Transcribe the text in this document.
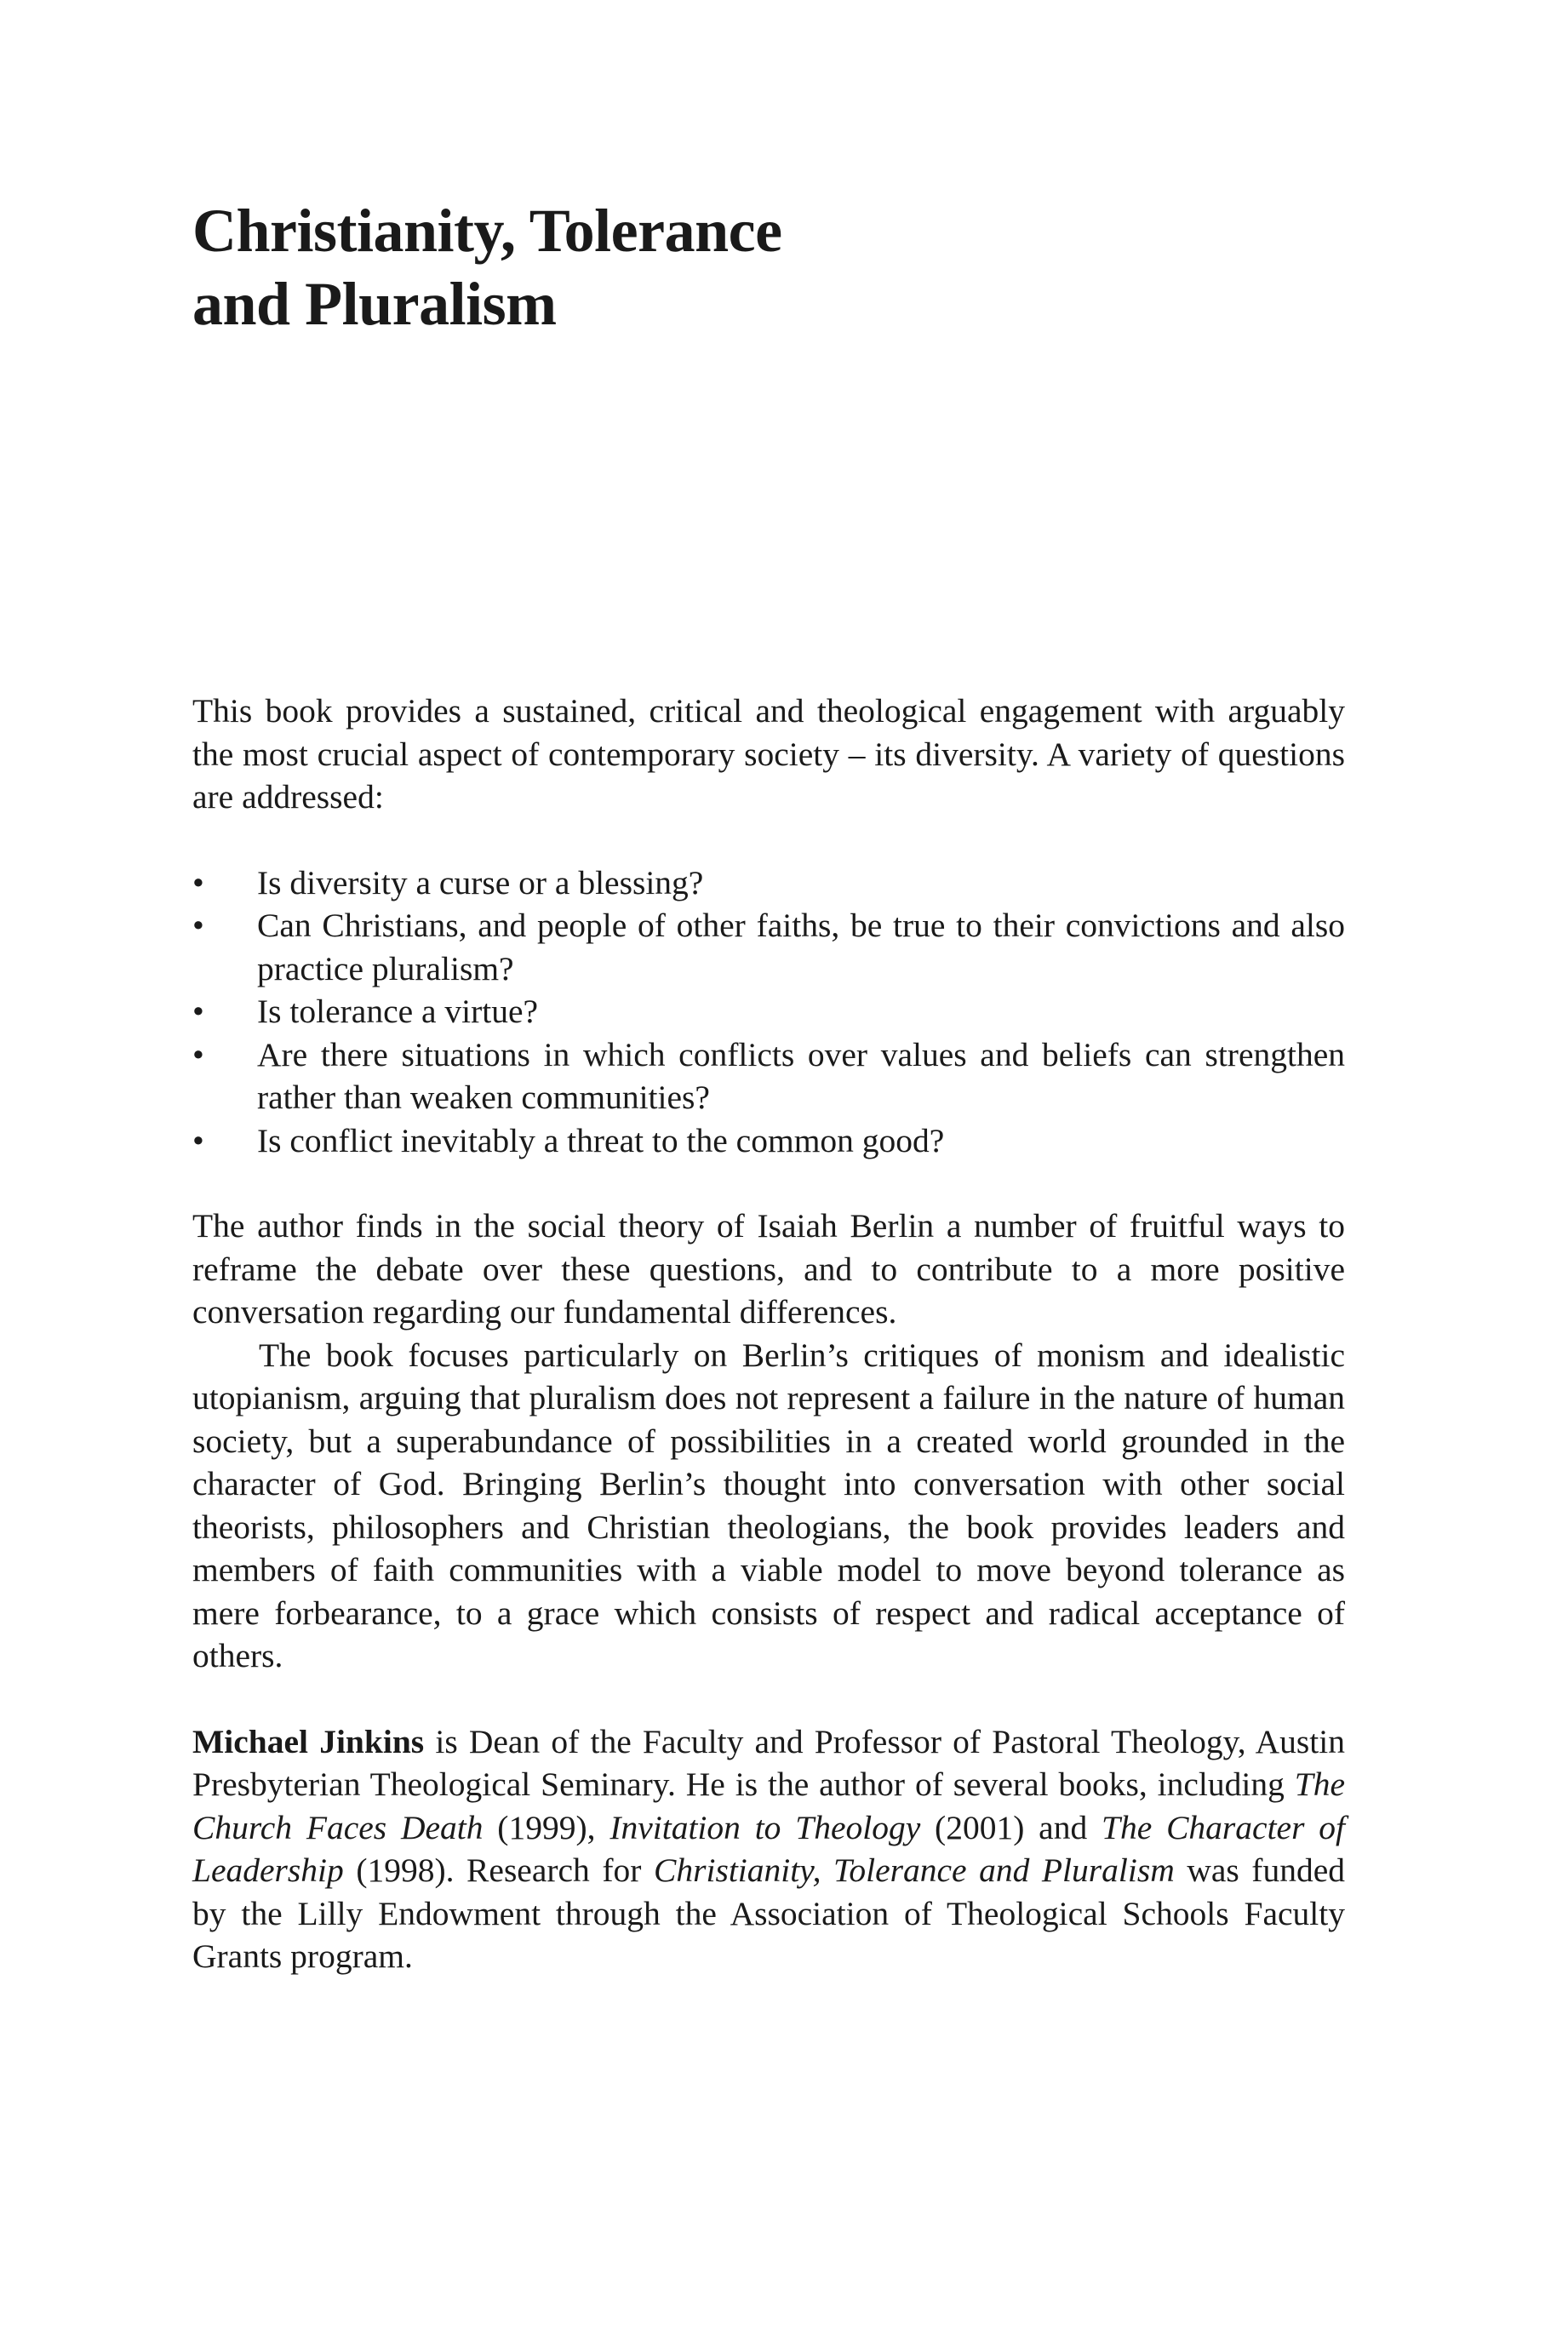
Christianity, Tolerance
and Pluralism

This book provides a sustained, critical and theological engagement with arguably the most crucial aspect of contemporary society – its diversity. A variety of questions are addressed:

• Is diversity a curse or a blessing?
• Can Christians, and people of other faiths, be true to their convictions and also practice pluralism?
• Is tolerance a virtue?
• Are there situations in which conflicts over values and beliefs can strengthen rather than weaken communities?
• Is conflict inevitably a threat to the common good?

The author finds in the social theory of Isaiah Berlin a number of fruitful ways to reframe the debate over these questions, and to contribute to a more positive conversation regarding our fundamental differences.

The book focuses particularly on Berlin’s critiques of monism and idealistic utopianism, arguing that pluralism does not represent a failure in the nature of human society, but a superabundance of possibilities in a created world grounded in the character of God. Bringing Berlin’s thought into conversation with other social theorists, philosophers and Christian theologians, the book provides leaders and members of faith communities with a viable model to move beyond tolerance as mere forbearance, to a grace which consists of respect and radical acceptance of others.

Michael Jinkins is Dean of the Faculty and Professor of Pastoral Theology, Austin Presbyterian Theological Seminary. He is the author of several books, including The Church Faces Death (1999), Invitation to Theology (2001) and The Character of Leadership (1998). Research for Christianity, Tolerance and Pluralism was funded by the Lilly Endowment through the Association of Theological Schools Faculty Grants program.
